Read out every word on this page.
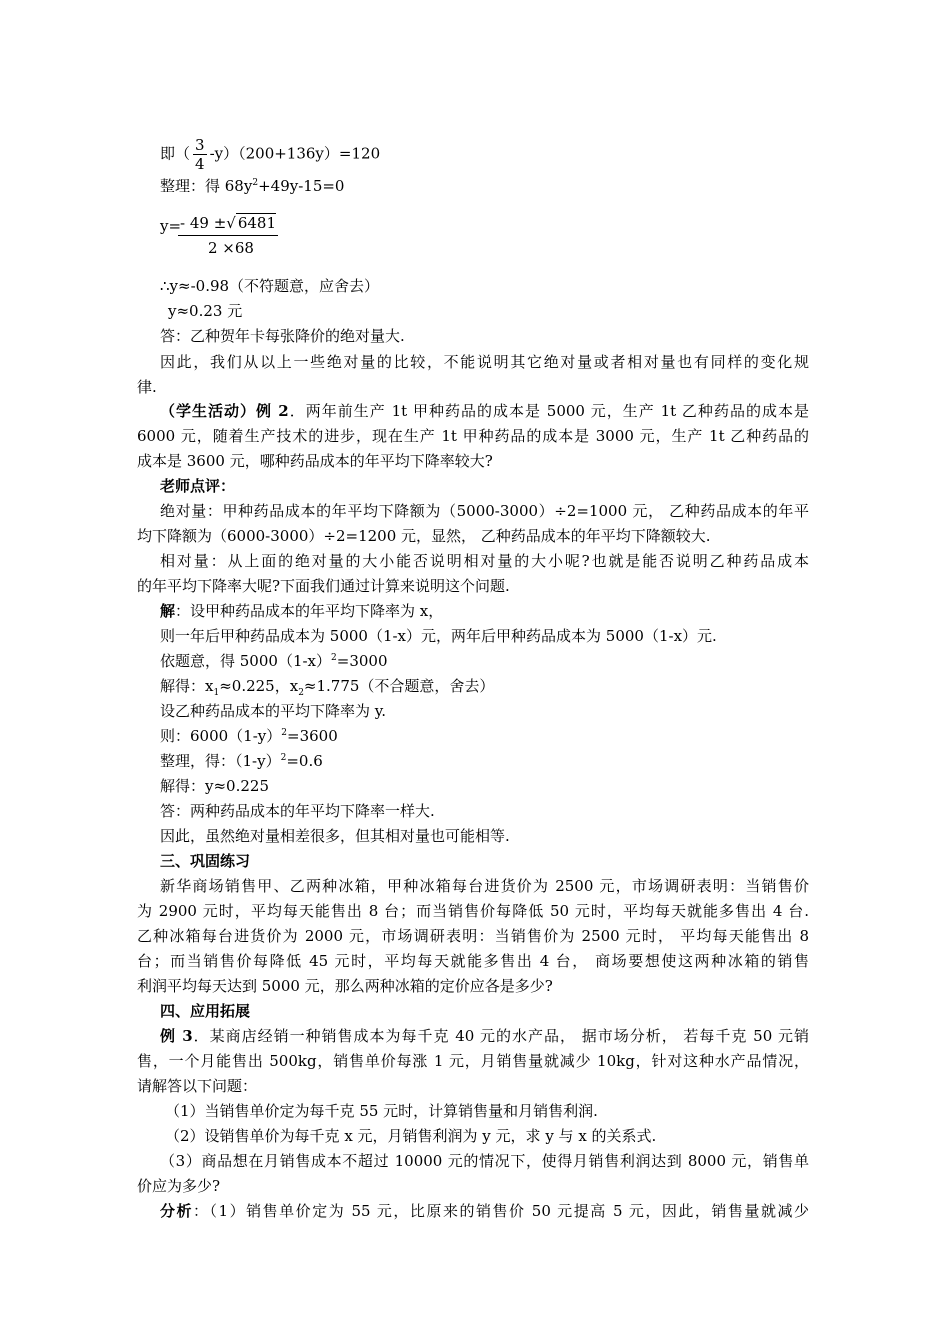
即（ $\frac{3}{4} -y)(200+136y)=120$
整理：得 $68y^2+49y-15=0$
y=
$\frac{- 49 \pm√ 6481}{2 \times 68}$
∴y≈-0.98（不符题意，应舍去）
y≈0.23 元
答：乙种贺年卡每张降价的绝对量大.
因此，我们从以上一些绝对量的比较，不能说明其它绝对量或者相对量也有同样的变化规
律.
（学生活动）例 2．两年前生产 1t 甲种药品的成本是 5000 元，生产 1t 乙种药品的成本是
6000 元，随着生产技术的进步，现在生产 1t 甲种药品的成本是 3000 元，生产 1t 乙种药品的
成本是 3600 元，哪种药品成本的年平均下降率较大?
老师点评：
绝对量：甲种药品成本的年平均下降额为（5000-3000）÷2=1000 元， 乙种药品成本的年平
均下降额为（6000-3000）÷2=1200 元，显然， 乙种药品成本的年平均下降额较大.
相对量：从上面的绝对量的大小能否说明相对量的大小呢?也就是能否说明乙种药品成本
的年平均下降率大呢?下面我们通过计算来说明这个问题.
解：设甲种药品成本的年平均下降率为 x，
则一年后甲种药品成本为 5000（1-x）元，两年后甲种药品成本为 5000（1-x）元.
依题意，得 $5000(1-x)^2=3000$
解得：$x_1\approx 0.225$，$x_2\approx 1.775$（不合题意，舍去）
设乙种药品成本的平均下降率为 y.
则：$6000(1-y)^2=3600$
整理，得：$(1-y)^2=0.6$
解得：y≈0.225
答：两种药品成本的年平均下降率一样大.
因此，虽然绝对量相差很多，但其相对量也可能相等.
三、巩固练习
新华商场销售甲、乙两种冰箱，甲种冰箱每台进货价为 2500 元，市场调研表明：当销售价
为 2900 元时，平均每天能售出 8 台；而当销售价每降低 50 元时，平均每天就能多售出 4 台.
乙种冰箱每台进货价为 2000 元，市场调研表明：当销售价为 2500 元时， 平均每天能售出 8
台；而当销售价每降低 45 元时，平均每天就能多售出 4 台， 商场要想使这两种冰箱的销售
利润平均每天达到 5000 元，那么两种冰箱的定价应各是多少?
四、应用拓展
例 3．某商店经销一种销售成本为每千克 40 元的水产品， 据市场分析， 若每千克 50 元销
售，一个月能售出 500kg，销售单价每涨 1 元，月销售量就减少 10kg，针对这种水产品情况，
请解答以下问题：
（1）当销售单价定为每千克 55 元时，计算销售量和月销售利润.
（2）设销售单价为每千克 x 元，月销售利润为 y 元，求 y 与 x 的关系式.
（3）商品想在月销售成本不超过 10000 元的情况下，使得月销售利润达到 8000 元，销售单
价应为多少?
分析：（1）销售单价定为 55 元，比原来的销售价 50 元提高 5 元，因此，销售量就减少
